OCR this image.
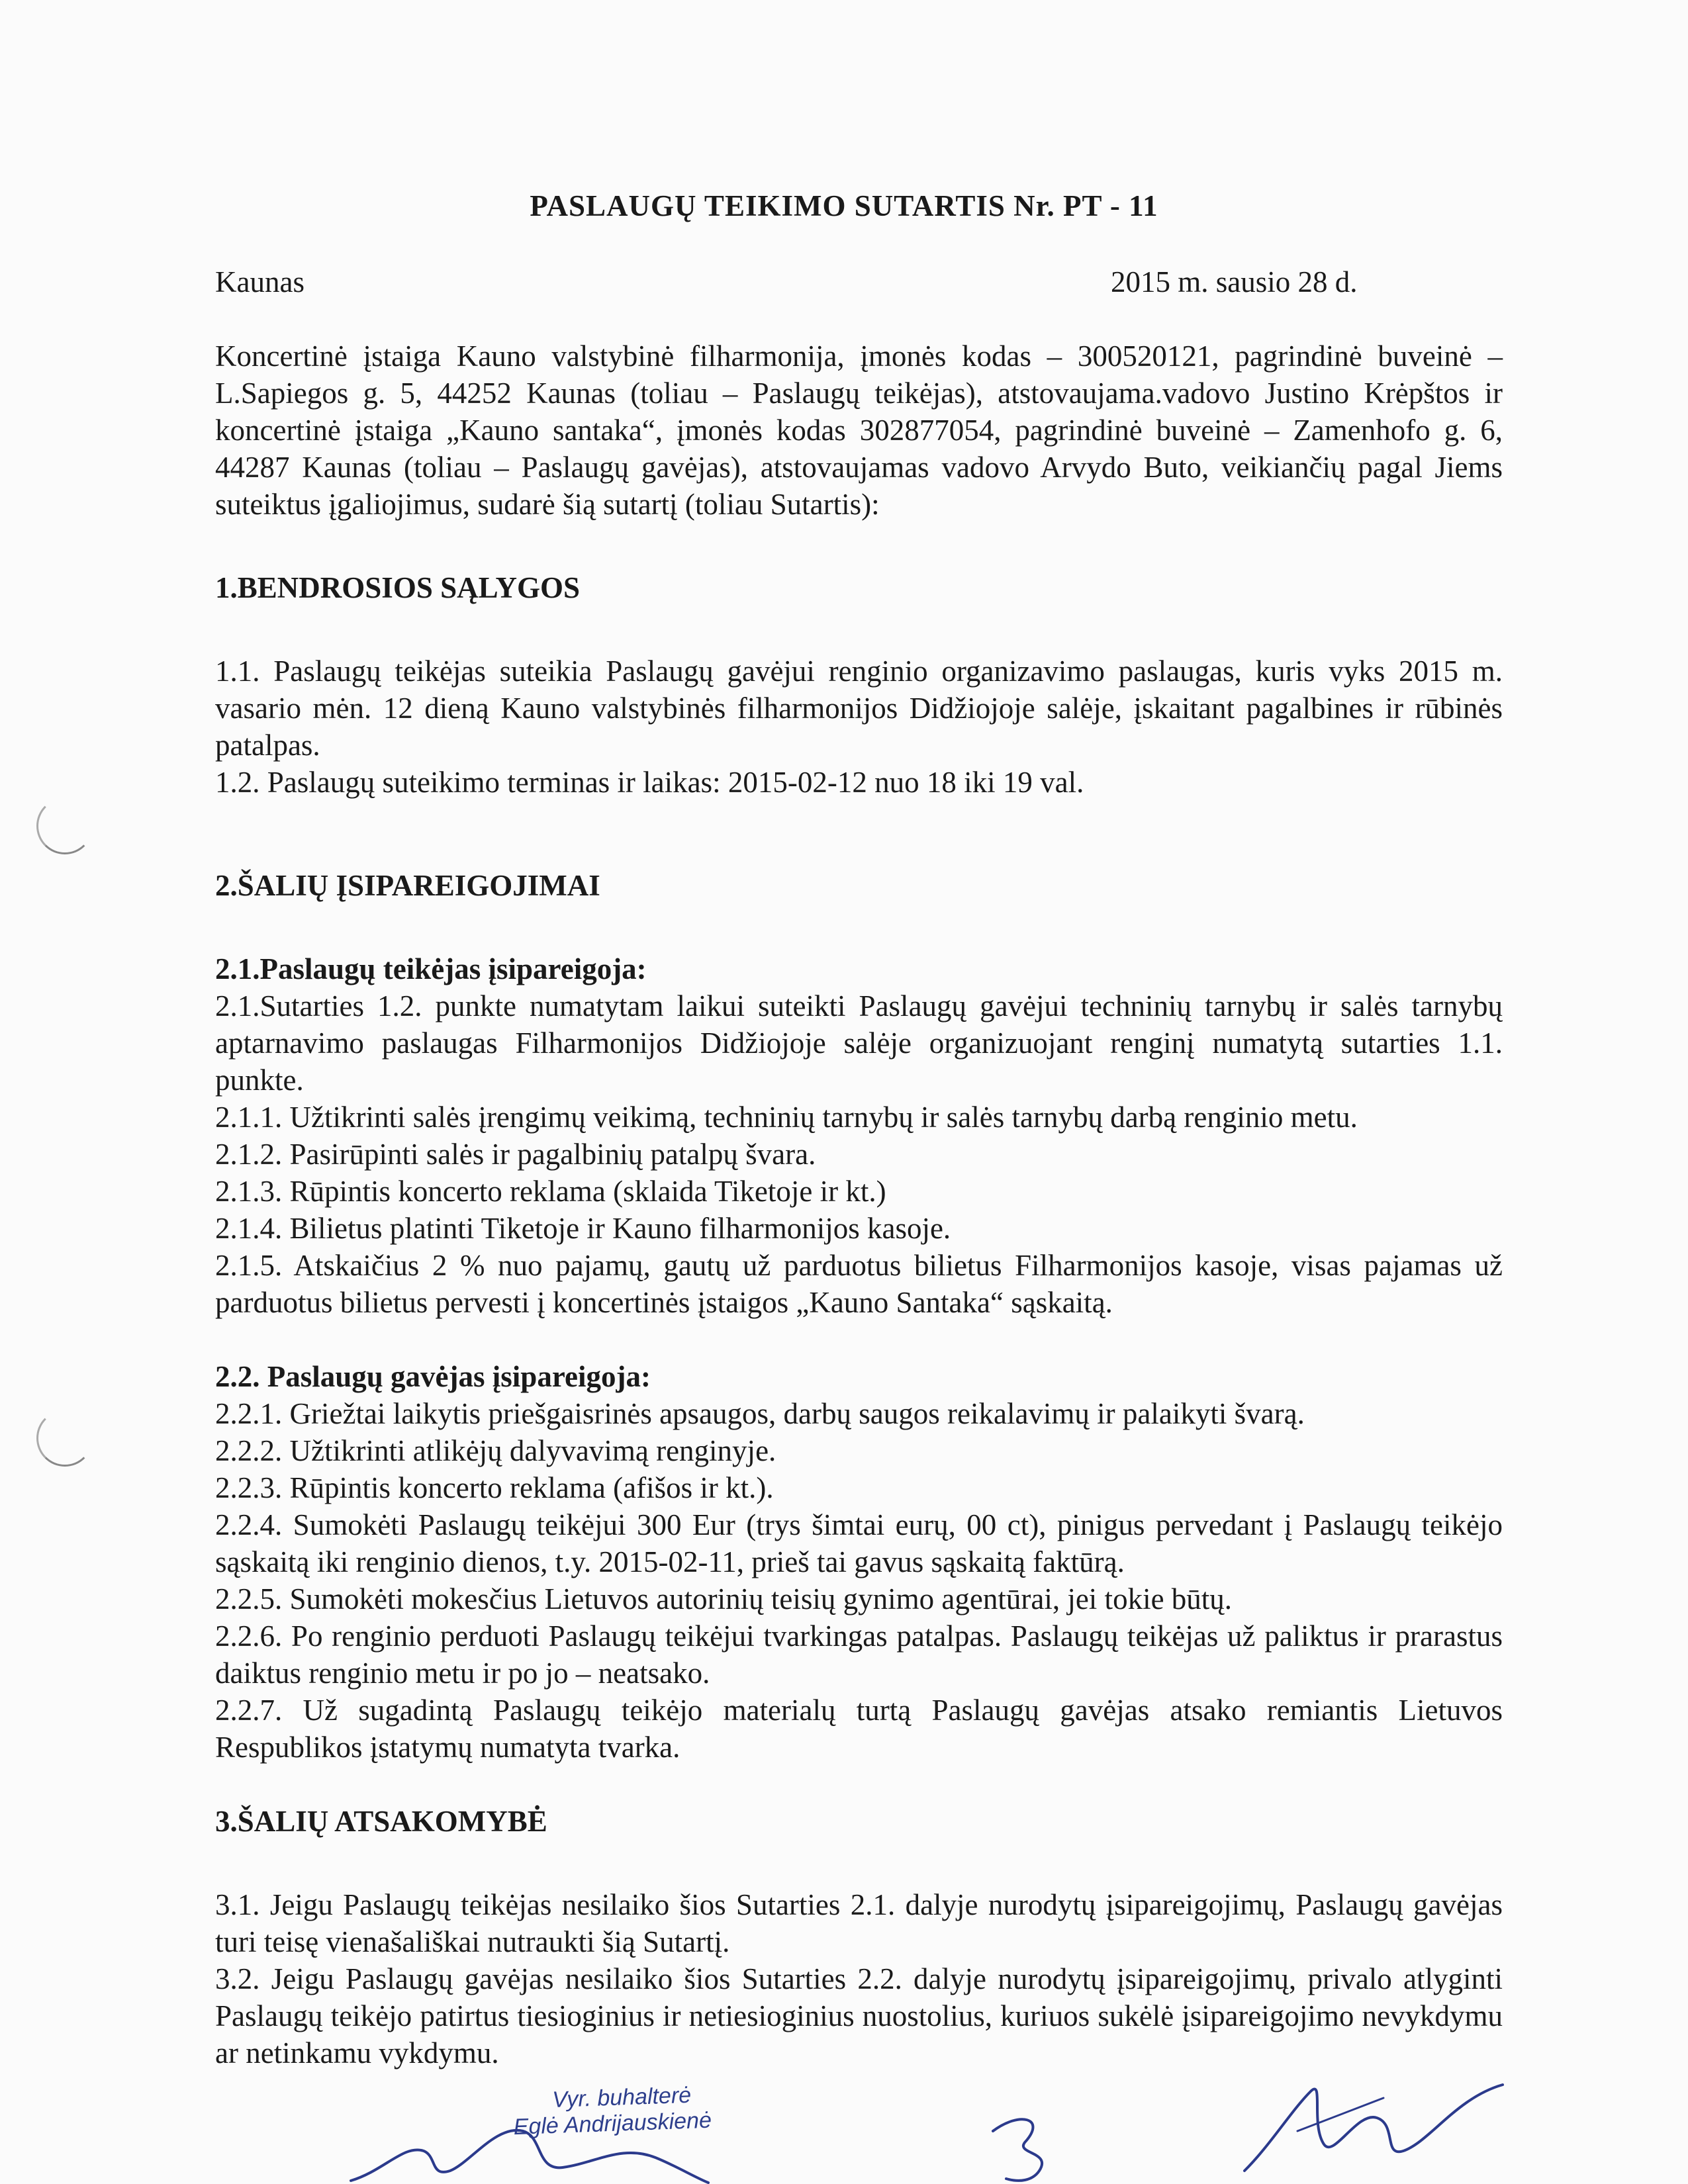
PASLAUGŲ TEIKIMO SUTARTIS Nr. PT - 11
Kaunas	2015 m. sausio 28 d.

Koncertinė įstaiga Kauno valstybinė filharmonija, įmonės kodas – 300520121, pagrindinė buveinė – L.Sapiegos g. 5, 44252 Kaunas (toliau – Paslaugų teikėjas), atstovaujama.vadovo Justino Krėpštos ir koncertinė įstaiga „Kauno santaka“, įmonės kodas 302877054, pagrindinė buveinė – Zamenhofo g. 6, 44287 Kaunas (toliau – Paslaugų gavėjas), atstovaujamas vadovo Arvydo Buto, veikiančių pagal Jiems suteiktus įgaliojimus, sudarė šią sutartį (toliau Sutartis):

1.BENDROSIOS SĄLYGOS

1.1. Paslaugų teikėjas suteikia Paslaugų gavėjui renginio organizavimo paslaugas, kuris vyks 2015 m. vasario mėn. 12 dieną Kauno valstybinės filharmonijos Didžiojoje salėje, įskaitant pagalbines ir rūbinės patalpas.

1.2. Paslaugų suteikimo terminas ir laikas: 2015-02-12 nuo 18 iki 19 val.

2.ŠALIŲ ĮSIPAREIGOJIMAI

2.1.Paslaugų teikėjas įsipareigoja:

2.1.Sutarties 1.2. punkte numatytam laikui suteikti Paslaugų gavėjui techninių tarnybų ir salės tarnybų aptarnavimo paslaugas Filharmonijos Didžiojoje salėje organizuojant renginį numatytą sutarties 1.1. punkte.

2.1.1. Užtikrinti salės įrengimų veikimą, techninių tarnybų ir salės tarnybų darbą renginio metu.

2.1.2. Pasirūpinti salės ir pagalbinių patalpų švara.

2.1.3. Rūpintis koncerto reklama (sklaida Tiketoje ir kt.)

2.1.4. Bilietus platinti Tiketoje ir Kauno filharmonijos kasoje.

2.1.5. Atskaičius 2 % nuo pajamų, gautų už parduotus bilietus Filharmonijos kasoje, visas pajamas už parduotus bilietus pervesti į koncertinės įstaigos „Kauno Santaka“ sąskaitą.

2.2. Paslaugų gavėjas įsipareigoja:

2.2.1. Griežtai laikytis priešgaisrinės apsaugos, darbų saugos reikalavimų ir palaikyti švarą.

2.2.2. Užtikrinti atlikėjų dalyvavimą renginyje.

2.2.3. Rūpintis koncerto reklama (afišos ir kt.).

2.2.4. Sumokėti Paslaugų teikėjui 300 Eur (trys šimtai eurų, 00 ct), pinigus pervedant į Paslaugų teikėjo sąskaitą iki renginio dienos, t.y. 2015-02-11, prieš tai gavus sąskaitą faktūrą.

2.2.5. Sumokėti mokesčius Lietuvos autorinių teisių gynimo agentūrai, jei tokie būtų.

2.2.6. Po renginio perduoti Paslaugų teikėjui tvarkingas patalpas. Paslaugų teikėjas už paliktus ir prarastus daiktus renginio metu ir po jo – neatsako.

2.2.7. Už sugadintą Paslaugų teikėjo materialų turtą Paslaugų gavėjas atsako remiantis Lietuvos Respublikos įstatymų numatyta tvarka.

3.ŠALIŲ ATSAKOMYBĖ

3.1. Jeigu Paslaugų teikėjas nesilaiko šios Sutarties 2.1. dalyje nurodytų įsipareigojimų, Paslaugų gavėjas turi teisę vienašališkai nutraukti šią Sutartį.

3.2. Jeigu Paslaugų gavėjas nesilaiko šios Sutarties 2.2. dalyje nurodytų įsipareigojimų, privalo atlyginti Paslaugų teikėjo patirtus tiesioginius ir netiesioginius nuostolius, kuriuos sukėlė įsipareigojimo nevykdymu ar netinkamu vykdymu.

Vyr. buhalterė
Eglė Andrijauskienė
